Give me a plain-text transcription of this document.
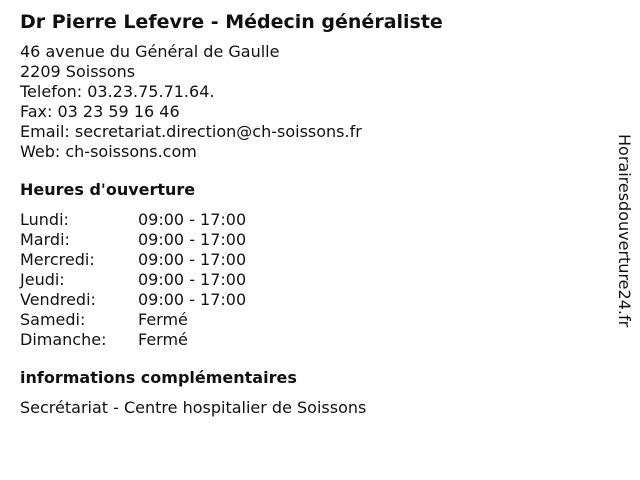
Dr Pierre Lefevre - Médecin généraliste
46 avenue du Général de Gaulle
2209 Soissons
Telefon: 03.23.75.71.64.
Fax: 03 23 59 16 46
Email: secretariat.direction@ch-soissons.fr
Web: ch-soissons.com
Heures d'ouverture
Lundi:	09:00 - 17:00
Mardi:	09:00 - 17:00
Mercredi:	09:00 - 17:00
Jeudi:	09:00 - 17:00
Vendredi:	09:00 - 17:00
Samedi:	Fermé
Dimanche:	Fermé
informations complémentaires
Secrétariat - Centre hospitalier de Soissons
Horairesdouverture24.fr
